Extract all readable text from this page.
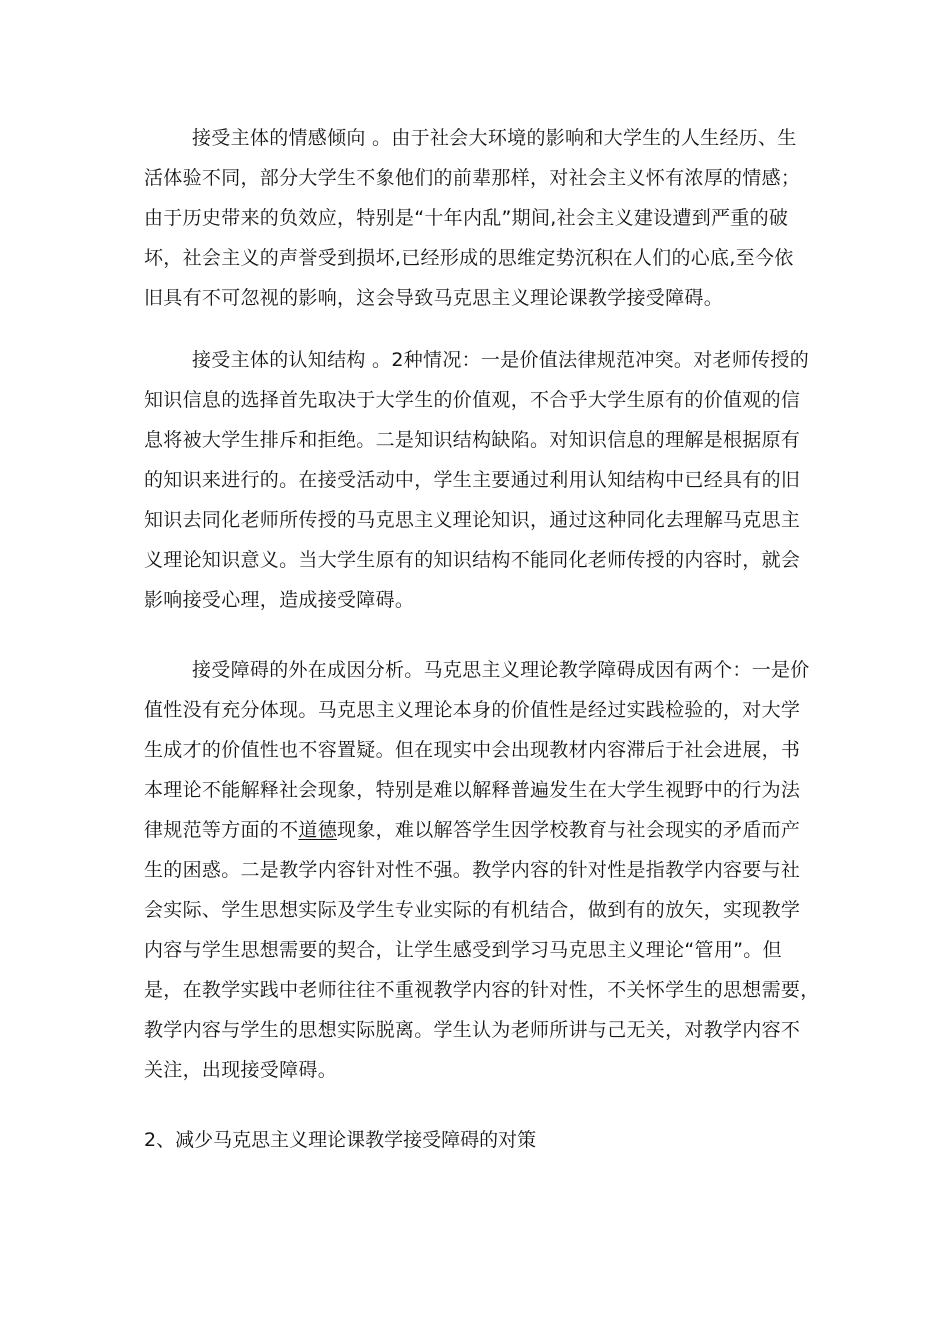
接受主体的情感倾向 。由于社会大环境的影响和大学生的人生经历、生
活体验不同，部分大学生不象他们的前辈那样，对社会主义怀有浓厚的情感；
由于历史带来的负效应，特别是“十年内乱”期间,社会主义建设遭到严重的破
坏，社会主义的声誉受到损坏,已经形成的思维定势沉积在人们的心底,至今依
旧具有不可忽视的影响，这会导致马克思主义理论课教学接受障碍。
接受主体的认知结构 。2种情况：一是价值法律规范冲突。对老师传授的
知识信息的选择首先取决于大学生的价值观，不合乎大学生原有的价值观的信
息将被大学生排斥和拒绝。二是知识结构缺陷。对知识信息的理解是根据原有
的知识来进行的。在接受活动中，学生主要通过利用认知结构中已经具有的旧
知识去同化老师所传授的马克思主义理论知识，通过这种同化去理解马克思主
义理论知识意义。当大学生原有的知识结构不能同化老师传授的内容时，就会
影响接受心理，造成接受障碍。
接受障碍的外在成因分析。马克思主义理论教学障碍成因有两个：一是价
值性没有充分体现。马克思主义理论本身的价值性是经过实践检验的，对大学
生成才的价值性也不容置疑。但在现实中会出现教材内容滞后于社会进展，书
本理论不能解释社会现象，特别是难以解释普遍发生在大学生视野中的行为法
律规范等方面的不道德现象，难以解答学生因学校教育与社会现实的矛盾而产
生的困惑。二是教学内容针对性不强。教学内容的针对性是指教学内容要与社
会实际、学生思想实际及学生专业实际的有机结合，做到有的放矢，实现教学
内容与学生思想需要的契合，让学生感受到学习马克思主义理论“管用”。但
是，在教学实践中老师往往不重视教学内容的针对性，不关怀学生的思想需要，
教学内容与学生的思想实际脱离。学生认为老师所讲与己无关，对教学内容不
关注，出现接受障碍。
2、减少马克思主义理论课教学接受障碍的对策
